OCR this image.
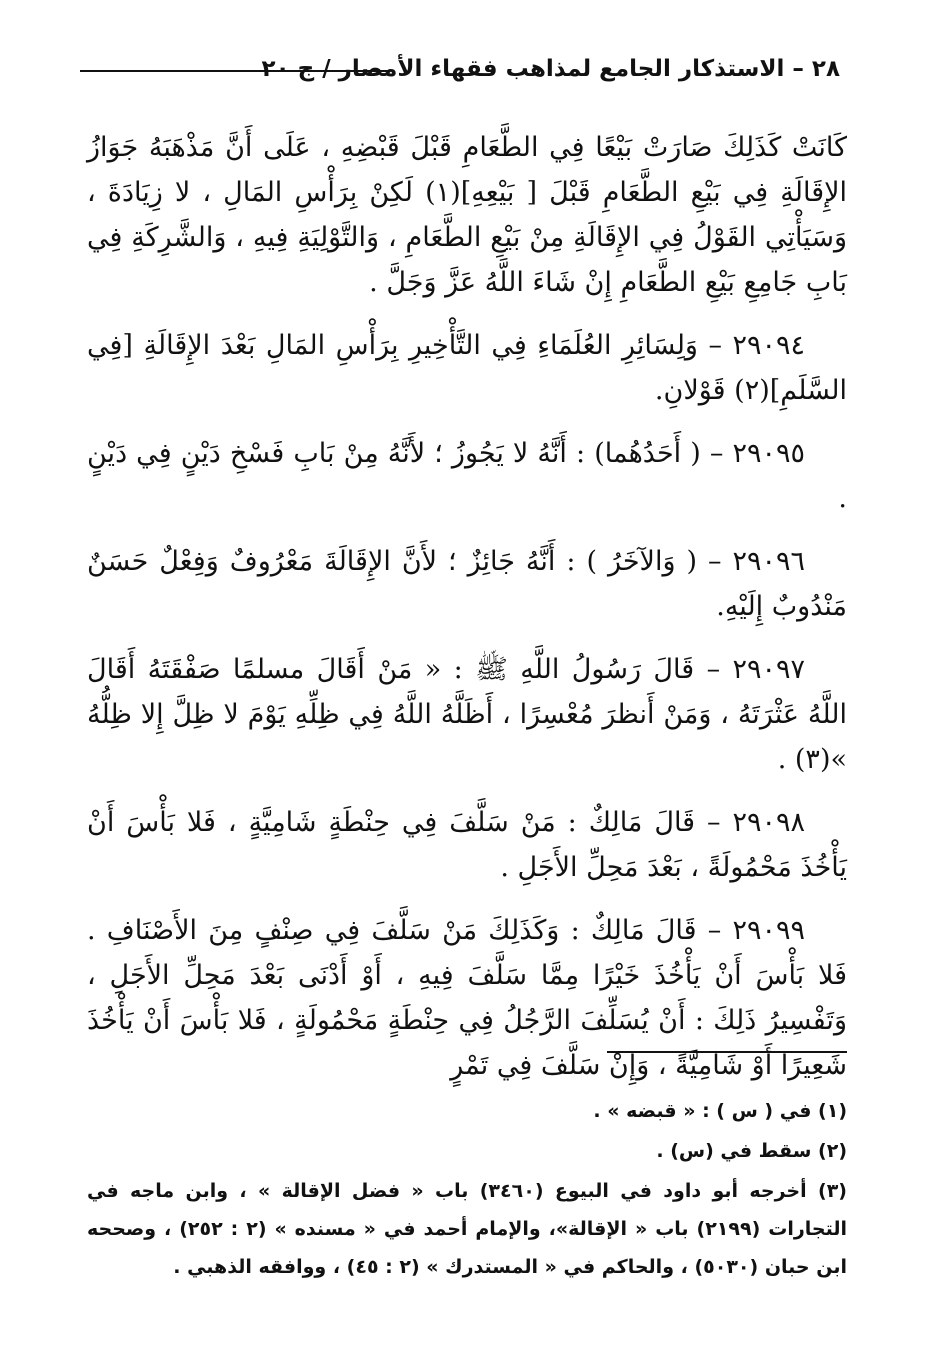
٢٨ – الاستذكار الجامع لمذاهب فقهاء الأمصار / ج ٢٠

كَانَتْ كَذَلِكَ صَارَتْ بَيْعًا فِي الطَّعَامِ قَبْلَ قَبْضِهِ ، عَلَى أَنَّ مَذْهَبَهُ جَوَازُ الإِقَالَةِ فِي بَيْعِ الطَّعَامِ قَبْلَ [ بَيْعِهِ](١) لَكِنْ بِرَأْسِ المَالِ ، لا زِيَادَةَ ، وَسَيَأْتِي القَوْلُ فِي الإِقَالَةِ مِنْ بَيْعِ الطَّعَامِ ، وَالتَّوْلِيَةِ فِيهِ ، وَالشَّرِكَةِ فِي بَابِ جَامِعِ بَيْعِ الطَّعَامِ إِنْ شَاءَ اللَّهُ عَزَّ وَجَلَّ .

٢٩٠٩٤ – وَلِسَائِرِ العُلَمَاءِ فِي التَّأْخِيرِ بِرَأْسِ المَالِ بَعْدَ الإِقَالَةِ [فِي السَّلَمِ](٢) قَوْلانِ.

٢٩٠٩٥ – ( أَحَدُهُما) : أَنَّهُ لا يَجُوزُ ؛ لأَنَّهُ مِنْ بَابِ فَسْخِ دَيْنٍ فِي دَيْنٍ .

٢٩٠٩٦ – ( وَالآخَرُ ) : أَنَّهُ جَائِزٌ ؛ لأَنَّ الإِقَالَةَ مَعْرُوفٌ وَفِعْلٌ حَسَنٌ مَنْدُوبٌ إِلَيْهِ.

٢٩٠٩٧ – قَالَ رَسُولُ اللَّهِ ﷺ : « مَنْ أَقَالَ مسلمًا صَفْقَتَهُ أَقَالَ اللَّهُ عَثْرَتَهُ ، وَمَنْ أَنظرَ مُعْسِرًا ، أَظَلَّهُ اللَّهُ فِي ظِلِّهِ يَوْمَ لا ظِلَّ إِلا ظِلُّهُ »(٣) .

٢٩٠٩٨ – قَالَ مَالِكٌ : مَنْ سَلَّفَ فِي حِنْطَةٍ شَامِيَّةٍ ، فَلا بَأْسَ أَنْ يَأْخُذَ مَحْمُولَةً ، بَعْدَ مَحِلِّ الأَجَلِ .

٢٩٠٩٩ – قَالَ مَالِكٌ : وَكَذَلِكَ مَنْ سَلَّفَ فِي صِنْفٍ مِنَ الأَصْنَافِ . فَلا بَأْسَ أَنْ يَأْخُذَ خَيْرًا مِمَّا سَلَّفَ فِيهِ ، أَوْ أَدْنَى بَعْدَ مَحِلِّ الأَجَلِ ، وَتَفْسِيرُ ذَلِكَ : أَنْ يُسَلِّفَ الرَّجُلُ فِي حِنْطَةٍ مَحْمُولَةٍ ، فَلا بَأْسَ أَنْ يَأْخُذَ شَعِيرًا أَوْ شَامِيَّةً ، وَإِنْ سَلَّفَ فِي تَمْرٍ

(١) في ( س ) : « قبضه » .
(٢) سقط في (س) .
(٣) أخرجه أبو داود في البيوع (٣٤٦٠) باب « فضل الإقالة » ، وابن ماجه في التجارات (٢١٩٩) باب « الإقالة»، والإمام أحمد في « مسنده » (٢ : ٢٥٢) ، وصححه ابن حبان (٥٠٣٠) ، والحاكم في « المستدرك » (٢ : ٤٥) ، ووافقه الذهبي .
